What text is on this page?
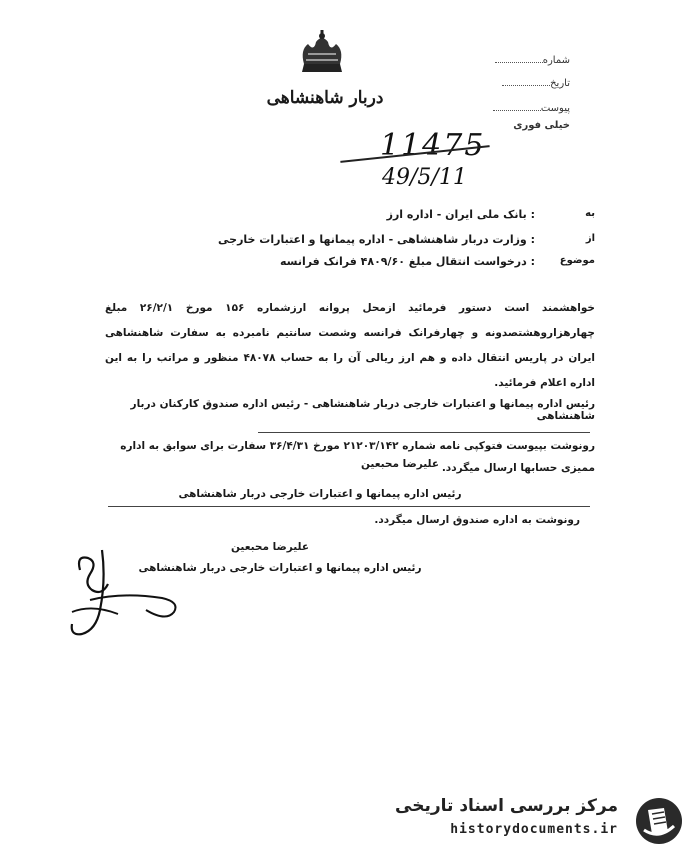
دربار شاهنشاهی
شماره
تاریخ
پیوست
خیلی فوری
11475
49/5/11
به
: بانک ملی ایران - اداره ارز
از
: وزارت دربار شاهنشاهی - اداره پیمانها و اعتبارات خارجی
موضوع
: درخواست انتقال مبلغ ۴۸۰۹/۶۰ فرانک فرانسه
خواهشمند است دستور فرمائید ازمحل پروانه ارزشماره ۱۵۶ مورخ ۲۶/۲/۱ مبلغ چهارهزاروهشتصدونه و چهارفرانک فرانسه وشصت سانتیم نامبرده به سفارت شاهنشاهی ایران در پاریس انتقال داده و هم ارز ریالی آن را به حساب ۴۸۰۷۸ منظور و مراتب را به این اداره اعلام فرمائید.
رئیس اداره پیمانها و اعتبارات خارجی دربار شاهنشاهی - رئیس اداره صندوق کارکنان دربار شاهنشاهی
رونوشت بپیوست فتوکپی نامه شماره ۲۱۲۰۳/۱۴۲ مورخ ۳۶/۴/۳۱ سفارت برای سوابق به اداره
ممیزی حسابها ارسال میگردد.
علیرضا محبعین
رئیس اداره پیمانها و اعتبارات خارجی دربار شاهنشاهی
رونوشت به اداره صندوق ارسال میگردد.
علیرضا محبعین
رئیس اداره پیمانها و اعتبارات خارجی دربار شاهنشاهی
مرکز بررسی اسناد تاریخی
historydocuments.ir
